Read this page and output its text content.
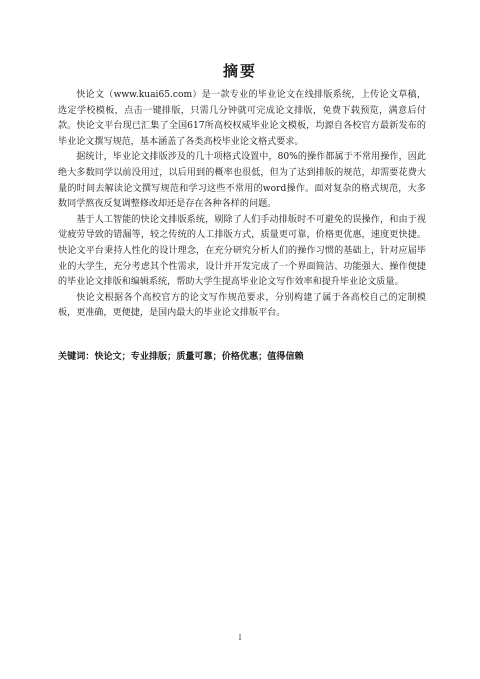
摘要

快论文（www.kuai65.com）是一款专业的毕业论文在线排版系统，上传论文草稿，选定学校模板，点击一键排版，只需几分钟就可完成论文排版，免费下载预览，满意后付款。快论文平台现已汇集了全国617所高校权威毕业论文模板，均源自各校官方最新发布的毕业论文撰写规范，基本涵盖了各类高校毕业论文格式要求。

据统计，毕业论文排版涉及的几十项格式设置中，80%的操作都属于不常用操作，因此绝大多数同学以前没用过，以后用到的概率也很低，但为了达到排版的规范，却需要花费大量的时间去解读论文撰写规范和学习这些不常用的word操作。面对复杂的格式规范，大多数同学熬夜反复调整修改却还是存在各种各样的问题。

基于人工智能的快论文排版系统，剔除了人们手动排版时不可避免的误操作，和由于视觉疲劳导致的错漏等，较之传统的人工排版方式，质量更可靠，价格更优惠，速度更快捷。快论文平台秉持人性化的设计理念，在充分研究分析人们的操作习惯的基础上，针对应届毕业的大学生，充分考虑其个性需求，设计并开发完成了一个界面简洁、功能强大、操作便捷的毕业论文排版和编辑系统，帮助大学生提高毕业论文写作效率和提升毕业论文质量。

快论文根据各个高校官方的论文写作规范要求，分别构建了属于各高校自己的定制模板，更准确，更便捷，是国内最大的毕业论文排版平台。

关键词：快论文；专业排版；质量可靠；价格优惠；值得信赖
I
